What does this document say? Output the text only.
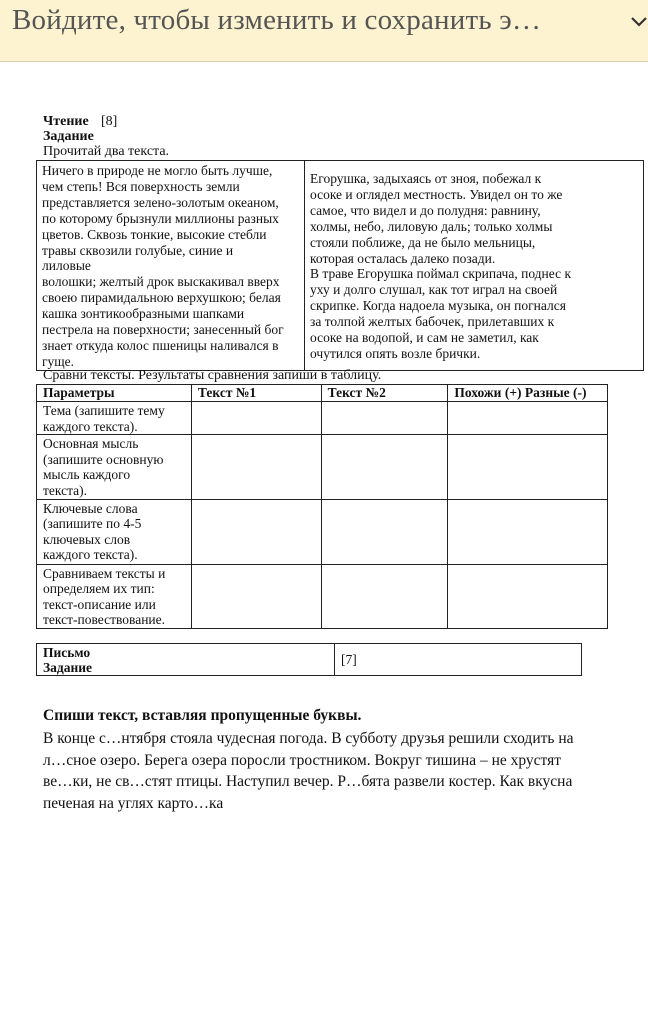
Войдите, чтобы изменить и сохранить э…
Чтение [8]
Задание
Прочитай два текста.
Ничего в природе не могло быть лучше,
чем степь! Вся поверхность земли
представляется зелено-золотым океаном,
по которому брызнули миллионы разных
цветов. Сквозь тонкие, высокие стебли
травы сквозили голубые, синие и
лиловые
волошки; желтый дрок выскакивал вверх
своею пирамидальною верхушкою; белая
кашка зонтикообразными шапками
пестрела на поверхности; занесенный бог
знает откуда колос пшеницы наливался в
гуще.

Егорушка, задыхаясь от зноя, побежал к
осоке и оглядел местность. Увидел он то же
самое, что видел и до полудня: равнину,
холмы, небо, лиловую даль; только холмы
стояли поближе, да не было мельницы,
которая осталась далеко позади.
В траве Егорушка поймал скрипача, поднес к
уху и долго слушал, как тот играл на своей
скрипке. Когда надоела музыка, он погнался
за толпой желтых бабочек, прилетавших к
осоке на водопой, и сам не заметил, как
очутился опять возле брички.
Сравни тексты. Результаты сравнения запиши в таблицу.
Параметры	Текст №1	Текст №2	Похожи (+) Разные (-)

Тема (запишите тему
каждого текста).			

Основная мысль
(запишите основную
мысль каждого
текста).			

Ключевые слова
(запишите по 4-5
ключевых слов
каждого текста).			

Сравниваем тексты и
определяем их тип:
текст-описание или
текст-повествование.			

Письмо
Задание
	[7]
Спиши текст, вставляя пропущенные буквы.
В конце с…нтября стояла чудесная погода. В субботу друзья решили сходить на
л…сное озеро. Берега озера поросли тростником. Вокруг тишина – не хрустят
ве…ки, не св…стят птицы. Наступил вечер. Р…бята развели костер. Как вкусна
печеная на углях карто…ка
